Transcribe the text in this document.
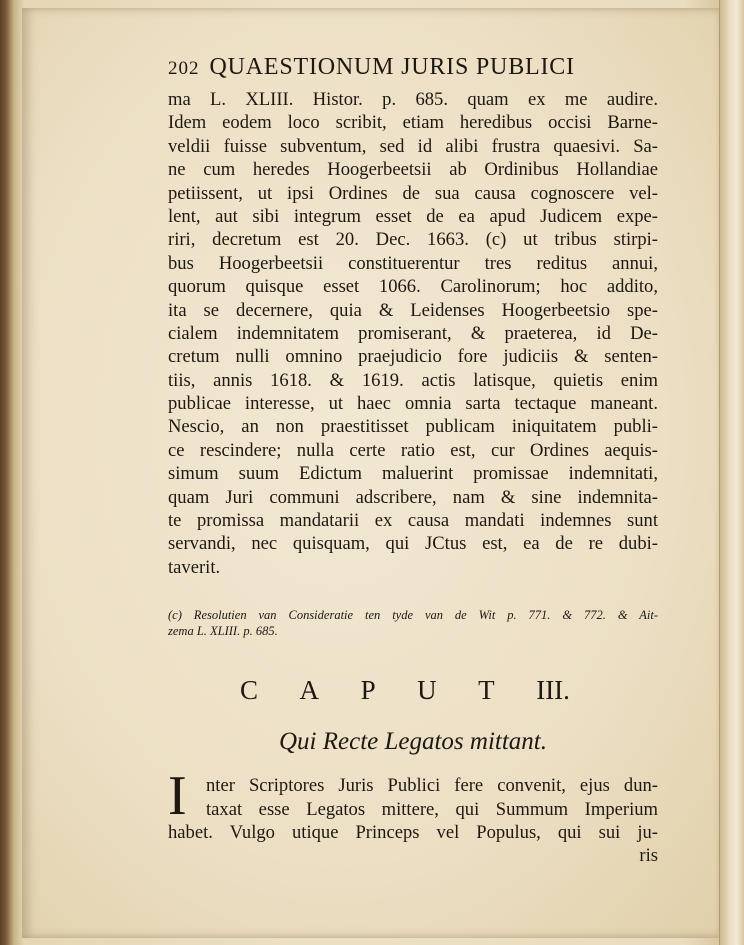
202 QUAESTIONUM JURIS PUBLICI
ma L. XLIII. Histor. p. 685. quam ex me audire.
Idem eodem loco scribit, etiam heredibus occisi Barne-
veldii fuisse subventum, sed id alibi frustra quaesivi. Sa-
ne cum heredes Hoogerbeetsii ab Ordinibus Hollandiae
petiissent, ut ipsi Ordines de sua causa cognoscere vel-
lent, aut sibi integrum esset de ea apud Judicem expe-
riri, decretum est 20. Dec. 1663. (c) ut tribus stirpi-
bus Hoogerbeetsii constituerentur tres reditus annui,
quorum quisque esset 1066. Carolinorum; hoc addito,
ita se decernere, quia & Leidenses Hoogerbeetsio spe-
cialem indemnitatem promiserant, & praeterea, id De-
cretum nulli omnino praejudicio fore judiciis & senten-
tiis, annis 1618. & 1619. actis latisque, quietis enim
publicae interesse, ut haec omnia sarta tectaque maneant.
Nescio, an non praestitisset publicam iniquitatem publi-
ce rescindere; nulla certe ratio est, cur Ordines aequis-
simum suum Edictum maluerint promissae indemnitati,
quam Juri communi adscribere, nam & sine indemnita-
te promissa mandatarii ex causa mandati indemnes sunt
servandi, nec quisquam, qui JCtus est, ea de re dubi-
taverit.
(c) Resolutien van Consideratie ten tyde van de Wit p. 771. & 772. & Ait-
zema L. XLIII. p. 685.
C A P U T III.
Qui Recte Legatos mittant.
I	nter Scriptores Juris Publici fere convenit, ejus dun-
taxat esse Legatos mittere, qui Summum Imperium
habet. Vulgo utique Princeps vel Populus, qui sui ju-
ris
